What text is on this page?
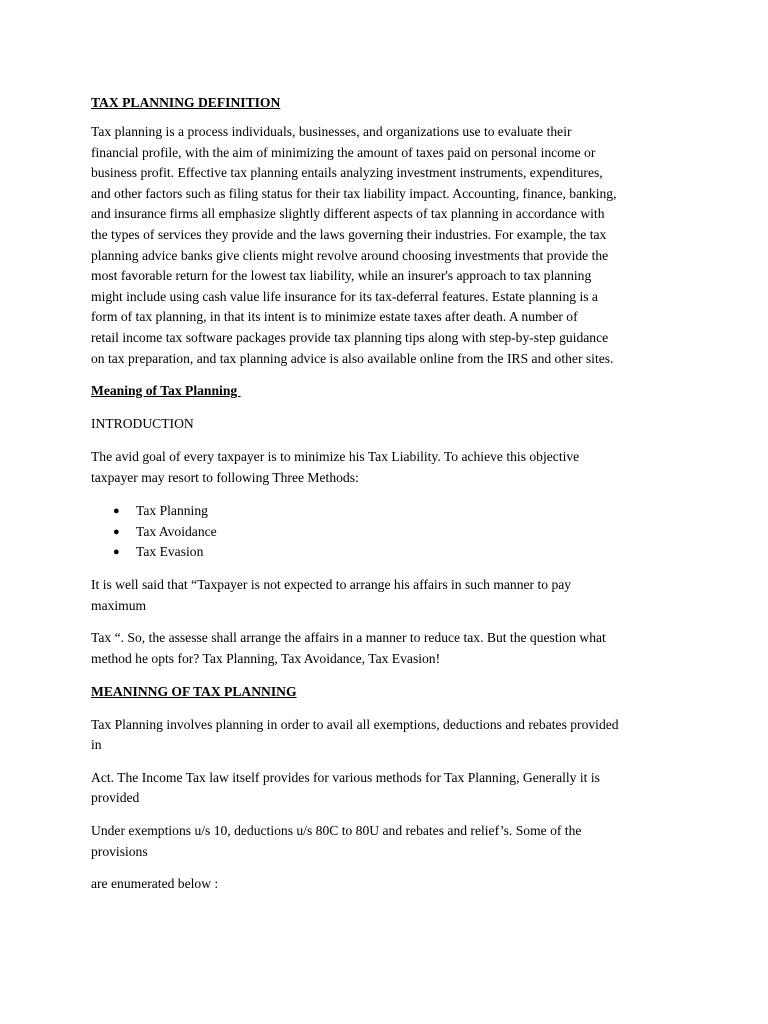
TAX PLANNING DEFINITION
Tax planning is a process individuals, businesses, and organizations use to evaluate their
financial profile, with the aim of minimizing the amount of taxes paid on personal income or
business profit. Effective tax planning entails analyzing investment instruments, expenditures,
and other factors such as filing status for their tax liability impact. Accounting, finance, banking,
and insurance firms all emphasize slightly different aspects of tax planning in accordance with
the types of services they provide and the laws governing their industries. For example, the tax
planning advice banks give clients might revolve around choosing investments that provide the
most favorable return for the lowest tax liability, while an insurer's approach to tax planning
might include using cash value life insurance for its tax-deferral features. Estate planning is a
form of tax planning, in that its intent is to minimize estate taxes after death. A number of
retail income tax software packages provide tax planning tips along with step-by-step guidance
on tax preparation, and tax planning advice is also available online from the IRS and other sites.
Meaning of Tax Planning
INTRODUCTION
The avid goal of every taxpayer is to minimize his Tax Liability. To achieve this objective
taxpayer may resort to following Three Methods:
● Tax Planning
● Tax Avoidance
● Tax Evasion
It is well said that “Taxpayer is not expected to arrange his affairs in such manner to pay
maximum
Tax “. So, the assesse shall arrange the affairs in a manner to reduce tax. But the question what
method he opts for? Tax Planning, Tax Avoidance, Tax Evasion!
MEANINNG OF TAX PLANNING
Tax Planning involves planning in order to avail all exemptions, deductions and rebates provided
in
Act. The Income Tax law itself provides for various methods for Tax Planning, Generally it is
provided
Under exemptions u/s 10, deductions u/s 80C to 80U and rebates and relief’s. Some of the
provisions
are enumerated below :
